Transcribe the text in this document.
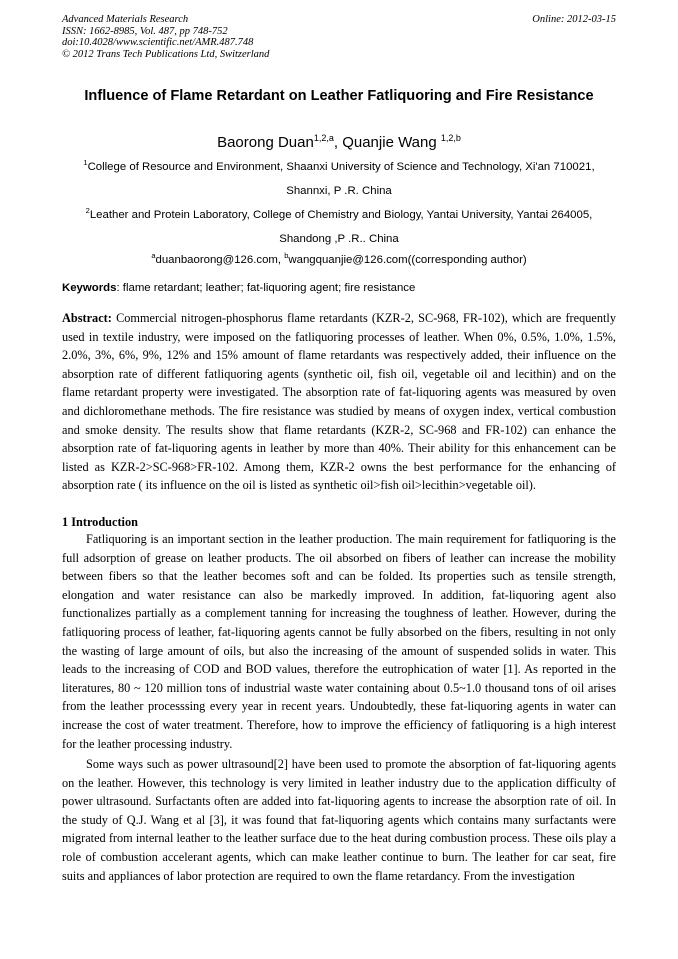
Advanced Materials Research
ISSN: 1662-8985, Vol. 487, pp 748-752
doi:10.4028/www.scientific.net/AMR.487.748
© 2012 Trans Tech Publications Ltd, Switzerland
Online: 2012-03-15
Influence of Flame Retardant on Leather Fatliquoring and Fire Resistance
Baorong Duan$^{1,2,a}$, Quanjie Wang $^{1,2,b}$
$^1$College of Resource and Environment, Shaanxi University of Science and Technology, Xi'an 710021, Shannxi, P .R. China
$^2$Leather and Protein Laboratory, College of Chemistry and Biology, Yantai University, Yantai 264005, Shandong ,P .R.. China
$^a$duanbaorong@126.com, $^b$wangquanjie@126.com((corresponding author)
Keywords: flame retardant; leather; fat-liquoring agent; fire resistance
Abstract: Commercial nitrogen-phosphorus flame retardants (KZR-2, SC-968, FR-102), which are frequently used in textile industry, were imposed on the fatliquoring processes of leather. When 0%, 0.5%, 1.0%, 1.5%, 2.0%, 3%, 6%, 9%, 12% and 15% amount of flame retardants was respectively added, their influence on the absorption rate of different fatliquoring agents (synthetic oil, fish oil, vegetable oil and lecithin) and on the flame retardant property were investigated. The absorption rate of fat-liquoring agents was measured by oven and dichloromethane methods. The fire resistance was studied by means of oxygen index, vertical combustion and smoke density. The results show that flame retardants (KZR-2, SC-968 and FR-102) can enhance the absorption rate of fat-liquoring agents in leather by more than 40%. Their ability for this enhancement can be listed as KZR-2>SC-968>FR-102. Among them, KZR-2 owns the best performance for the enhancing of absorption rate ( its influence on the oil is listed as synthetic oil>fish oil>lecithin>vegetable oil).
1 Introduction
Fatliquoring is an important section in the leather production. The main requirement for fatliquoring is the full adsorption of grease on leather products. The oil absorbed on fibers of leather can increase the mobility between fibers so that the leather becomes soft and can be folded. Its properties such as tensile strength, elongation and water resistance can also be markedly improved. In addition, fat-liquoring agent also functionalizes partially as a complement tanning for increasing the toughness of leather. However, during the fatliquoring process of leather, fat-liquoring agents cannot be fully absorbed on the fibers, resulting in not only the wasting of large amount of oils, but also the increasing of the amount of suspended solids in water. This leads to the increasing of COD and BOD values, therefore the eutrophication of water [1]. As reported in the literatures, 80 ~ 120 million tons of industrial waste water containing about 0.5~1.0 thousand tons of oil arises from the leather processsing every year in recent years. Undoubtedly, these fat-liquoring agents in water can increase the cost of water treatment. Therefore, how to improve the efficiency of fatliquoring is a high interest for the leather processing industry.
Some ways such as power ultrasound[2] have been used to promote the absorption of fat-liquoring agents on the leather. However, this technology is very limited in leather industry due to the application difficulty of power ultrasound. Surfactants often are added into fat-liquoring agents to increase the absorption rate of oil. In the study of Q.J. Wang et al [3], it was found that fat-liquoring agents which contains many surfactants were migrated from internal leather to the leather surface due to the heat during combustion process. These oils play a role of combustion accelerant agents, which can make leather continue to burn. The leather for car seat, fire suits and appliances of labor protection are required to own the flame retardancy. From the investigation
